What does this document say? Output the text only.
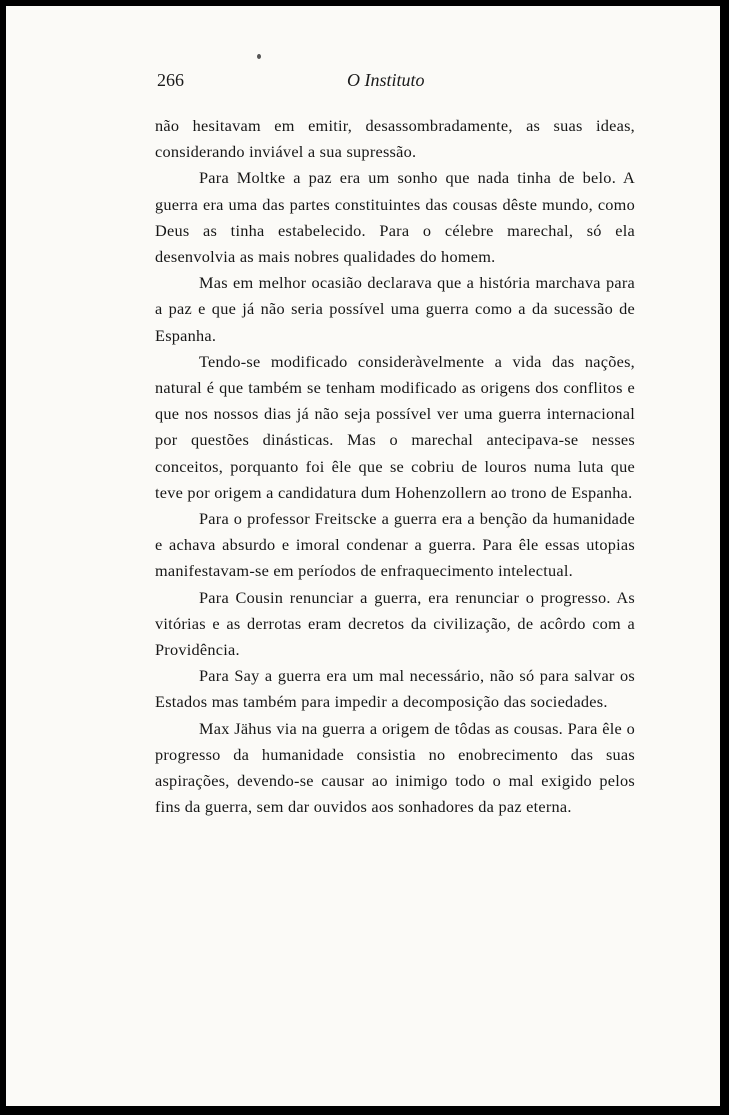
266	O Instituto

não hesitavam em emitir, desassombradamente, as suas ideas, considerando inviável a sua supressão.

Para Moltke a paz era um sonho que nada tinha de belo. A guerra era uma das partes constituintes das cousas dêste mundo, como Deus as tinha estabelecido. Para o célebre marechal, só ela desenvolvia as mais nobres qualidades do homem.

Mas em melhor ocasião declarava que a história marchava para a paz e que já não seria possível uma guerra como a da sucessão de Espanha.

Tendo-se modificado consideràvelmente a vida das nações, natural é que também se tenham modificado as origens dos conflitos e que nos nossos dias já não seja possível ver uma guerra internacional por questões dinásticas. Mas o marechal antecipava-se nesses conceitos, porquanto foi êle que se cobriu de louros numa luta que teve por origem a candidatura dum Hohenzollern ao trono de Espanha.

Para o professor Freitscke a guerra era a benção da humanidade e achava absurdo e imoral condenar a guerra. Para êle essas utopias manifestavam-se em períodos de enfraquecimento intelectual.

Para Cousin renunciar a guerra, era renunciar o progresso. As vitórias e as derrotas eram decretos da civilização, de acôrdo com a Providência.

Para Say a guerra era um mal necessário, não só para salvar os Estados mas também para impedir a decomposição das sociedades.

Max Jähus via na guerra a origem de tôdas as cousas. Para êle o progresso da humanidade consistia no enobrecimento das suas aspirações, devendo-se causar ao inimigo todo o mal exigido pelos fins da guerra, sem dar ouvidos aos sonhadores da paz eterna.
